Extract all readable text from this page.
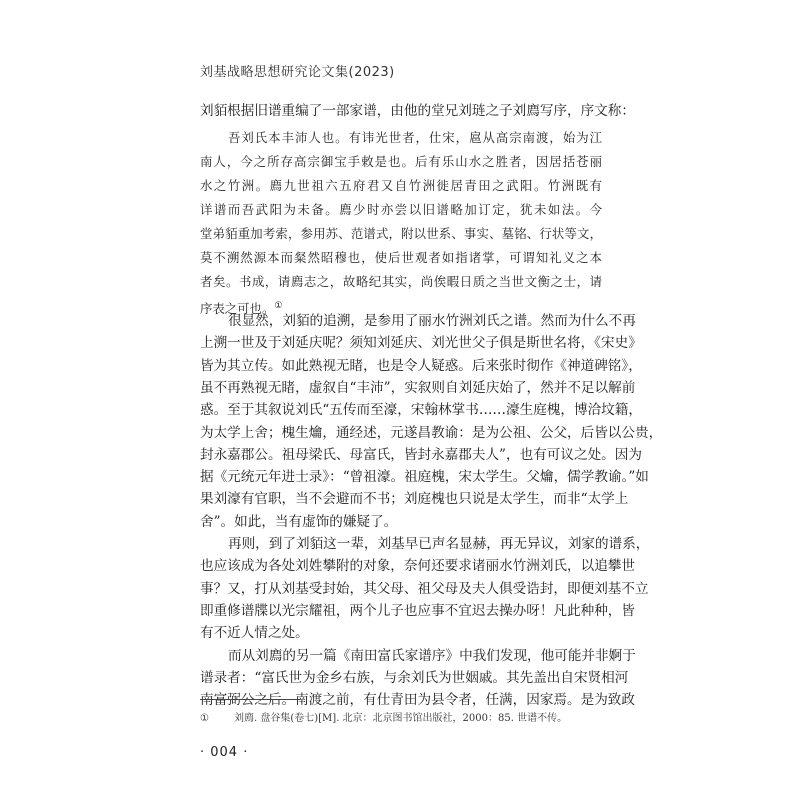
刘基战略思想研究论文集(2023)
刘貊根据旧谱重编了一部家谱，由他的堂兄刘琏之子刘廌写序，序文称：
吾刘氏本丰沛人也。有讳光世者，仕宋，扈从高宗南渡，始为江
南人，今之所存高宗御宝手敕是也。后有乐山水之胜者，因居括苍丽
水之竹洲。廌九世祖六五府君又自竹洲徙居青田之武阳。竹洲既有
详谱而吾武阳为未备。廌少时亦尝以旧谱略加订定，犹未如法。今
堂弟貊重加考索，参用苏、范谱式，附以世系、事实、墓铭、行状等文，
莫不溯然源本而粲然昭穆也，使后世观者如指诸掌，可谓知礼义之本
者矣。书成，请廌志之，故略纪其实，尚俟暇日质之当世文衡之士，请
序表之可也。①
很显然，刘貊的追溯，是参用了丽水竹洲刘氏之谱。然而为什么不再
上溯一世及于刘延庆呢？须知刘延庆、刘光世父子俱是斯世名将，《宋史》
皆为其立传。如此熟视无睹，也是令人疑惑。后来张时彻作《神道碑铭》，
虽不再熟视无睹，虚叙自“丰沛”，实叙则自刘延庆始了，然并不足以解前
惑。至于其叙说刘氏“五传而至濠，宋翰林掌书……濠生庭槐，博洽坟籍，
为太学上舍；槐生爚，通经述，元遂昌教谕：是为公祖、公父，后皆以公贵，
封永嘉郡公。祖母梁氏、母富氏，皆封永嘉郡夫人”，也有可议之处。因为
据《元统元年进士录》：“曾祖濠。祖庭槐，宋太学生。父爚，儒学教谕。”如
果刘濠有官职，当不会避而不书；刘庭槐也只说是太学生，而非“太学上
舍”。如此，当有虚饰的嫌疑了。
再则，到了刘貊这一辈，刘基早已声名显赫，再无异议，刘家的谱系，
也应该成为各处刘姓攀附的对象，奈何还要求诸丽水竹洲刘氏，以追攀世
事？又，打从刘基受封始，其父母、祖父母及夫人俱受诰封，即便刘基不立
即重修谱牒以光宗耀祖，两个儿子也应事不宜迟去操办呀！凡此种种，皆
有不近人情之处。
而从刘廌的另一篇《南田富氏家谱序》中我们发现，他可能并非婀于
谱录者：“富氏世为金乡右族，与余刘氏为世姻戚。其先盖出自宋贤相河
南富弼公之后。南渡之前，有仕青田为县令者，任满，因家焉。是为致政
①	刘廌. 盘谷集(卷七)[M]. 北京：北京图书馆出版社，2000：85. 世谱不传。
· 004 ·
